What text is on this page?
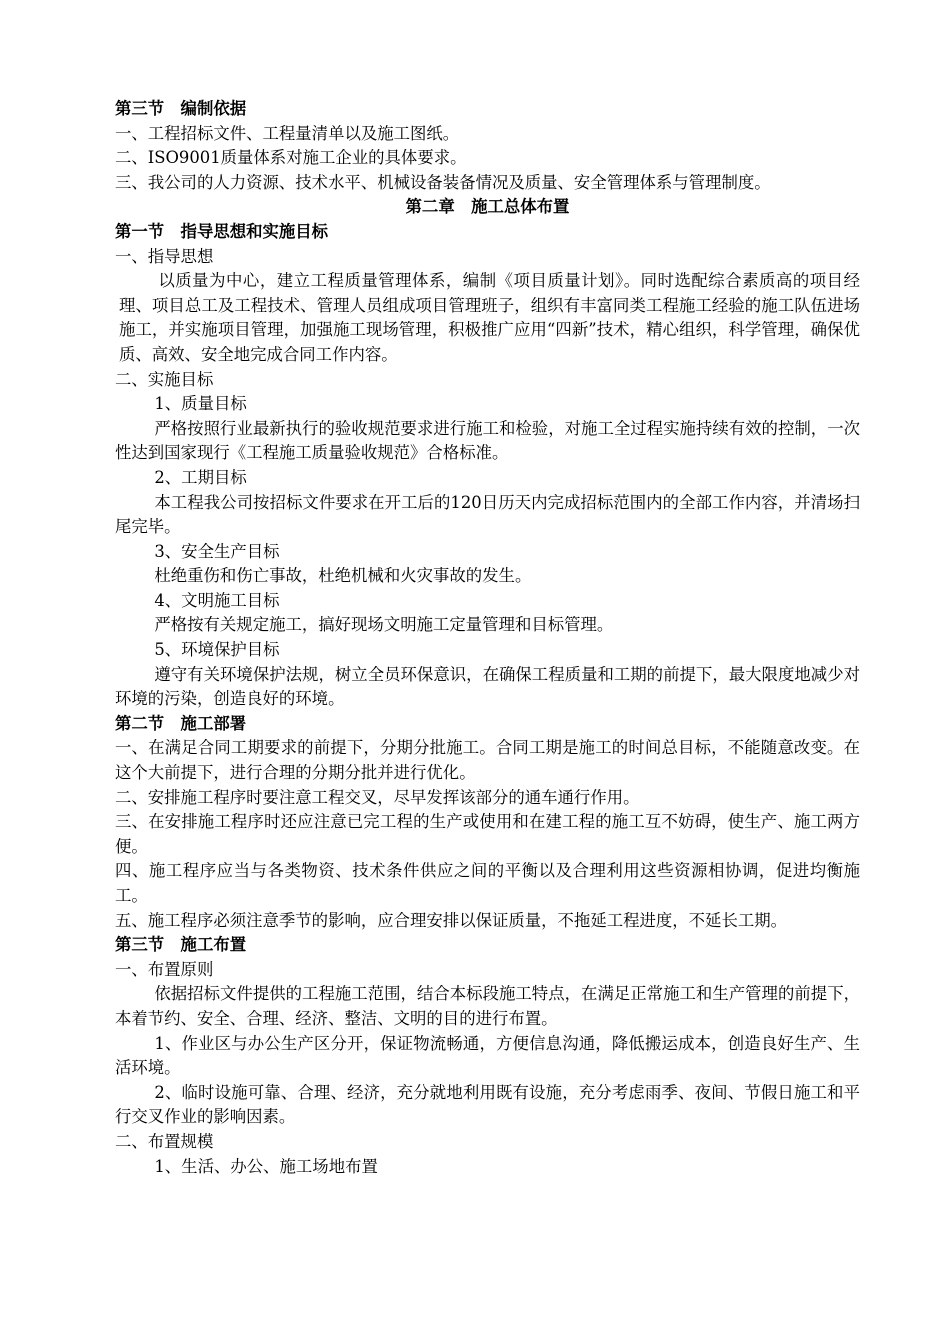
第三节　编制依据

一、工程招标文件、工程量清单以及施工图纸。

二、ISO9001质量体系对施工企业的具体要求。

三、我公司的人力资源、技术水平、机械设备装备情况及质量、安全管理体系与管理制度。

第二章　施工总体布置

第一节　指导思想和实施目标

一、指导思想

以质量为中心，建立工程质量管理体系，编制《项目质量计划》。同时选配综合素质高的项目经理、项目总工及工程技术、管理人员组成项目管理班子，组织有丰富同类工程施工经验的施工队伍进场施工，并实施项目管理，加强施工现场管理，积极推广应用“四新”技术，精心组织，科学管理，确保优质、高效、安全地完成合同工作内容。

二、实施目标

1、质量目标

严格按照行业最新执行的验收规范要求进行施工和检验，对施工全过程实施持续有效的控制，一次性达到国家现行《工程施工质量验收规范》合格标准。

2、工期目标

本工程我公司按招标文件要求在开工后的120日历天内完成招标范围内的全部工作内容，并清场扫尾完毕。

3、安全生产目标

杜绝重伤和伤亡事故，杜绝机械和火灾事故的发生。

4、文明施工目标

严格按有关规定施工，搞好现场文明施工定量管理和目标管理。

5、环境保护目标

遵守有关环境保护法规，树立全员环保意识，在确保工程质量和工期的前提下，最大限度地减少对环境的污染，创造良好的环境。

第二节　施工部署

一、在满足合同工期要求的前提下，分期分批施工。合同工期是施工的时间总目标，不能随意改变。在这个大前提下，进行合理的分期分批并进行优化。

二、安排施工程序时要注意工程交叉，尽早发挥该部分的通车通行作用。

三、在安排施工程序时还应注意已完工程的生产或使用和在建工程的施工互不妨碍，使生产、施工两方便。

四、施工程序应当与各类物资、技术条件供应之间的平衡以及合理利用这些资源相协调，促进均衡施工。

五、施工程序必须注意季节的影响，应合理安排以保证质量，不拖延工程进度，不延长工期。

第三节　施工布置

一、布置原则

依据招标文件提供的工程施工范围，结合本标段施工特点，在满足正常施工和生产管理的前提下，本着节约、安全、合理、经济、整洁、文明的目的进行布置。

1、作业区与办公生产区分开，保证物流畅通，方便信息沟通，降低搬运成本，创造良好生产、生活环境。

2、临时设施可靠、合理、经济，充分就地利用既有设施，充分考虑雨季、夜间、节假日施工和平行交叉作业的影响因素。

二、布置规模

1、生活、办公、施工场地布置
